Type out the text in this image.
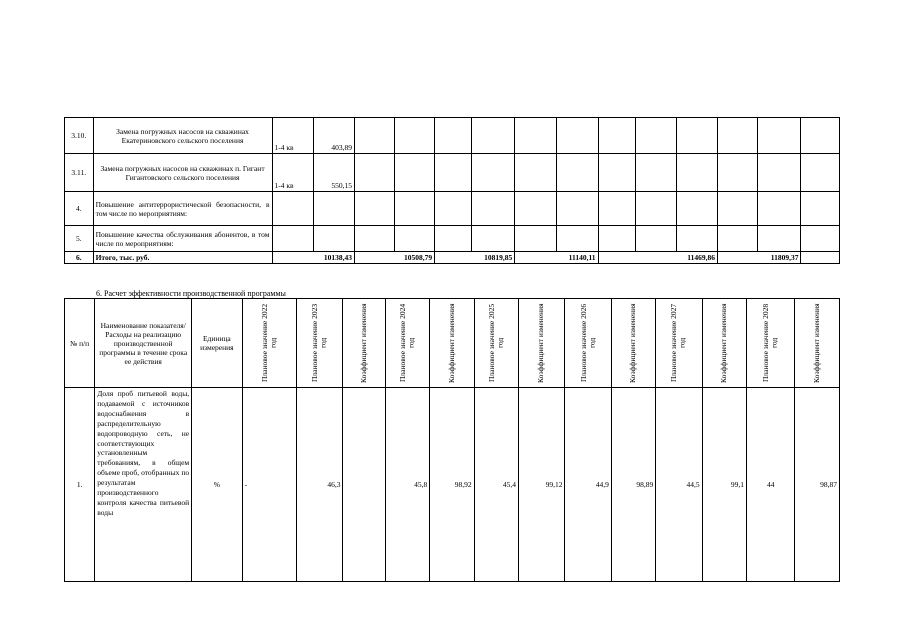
3.10.	Замена погружных насосов на скважинах Екатериновского сельского поселения	1-4 кв	403,89												
3.11.	Замена погружных насосов на скважинах п. Гигант Гигантовского сельского поселения	1-4 кв	550,15												
4.	Повышение антитеррористической безопасности, в том числе по мероприятиям:														
5.	Повышение качества обслуживания абонентов, в том числе по мероприятиям:														
6.	Итого, тыс. руб.	10138,43		10508,79		10819,85		11140,11		11469,86			11809,37		
6. Расчет эффективности производственной программы
№ п/п	Наименование показателя/Расходы на реализацию производственной программы в течение срока ее действия	Единица измерения	Плановое значение 2022 год	Плановое значение 2023 год	Коэффициент изменения	Плановое значение 2024 год	Коэффициент изменения	Плановое значение 2025 год	Коэффициент изменения	Плановое значение 2026 год	Коэффициент изменения	Плановое значение 2027 год	Коэффициент изменения	Плановое значение 2028 год	Коэффициент изменения

1.	Доля проб питьевой воды, подаваемой с источников водоснабжения в распределительную водопроводную сеть, не соответствующих установленным требованиям, в общем объеме проб, отобранных по результатам производственного контроля качества питьевой воды	%	-	46,3		45,8	98,92	45,4	99,12	44,9	98,89	44,5	99,1	44	98,87
